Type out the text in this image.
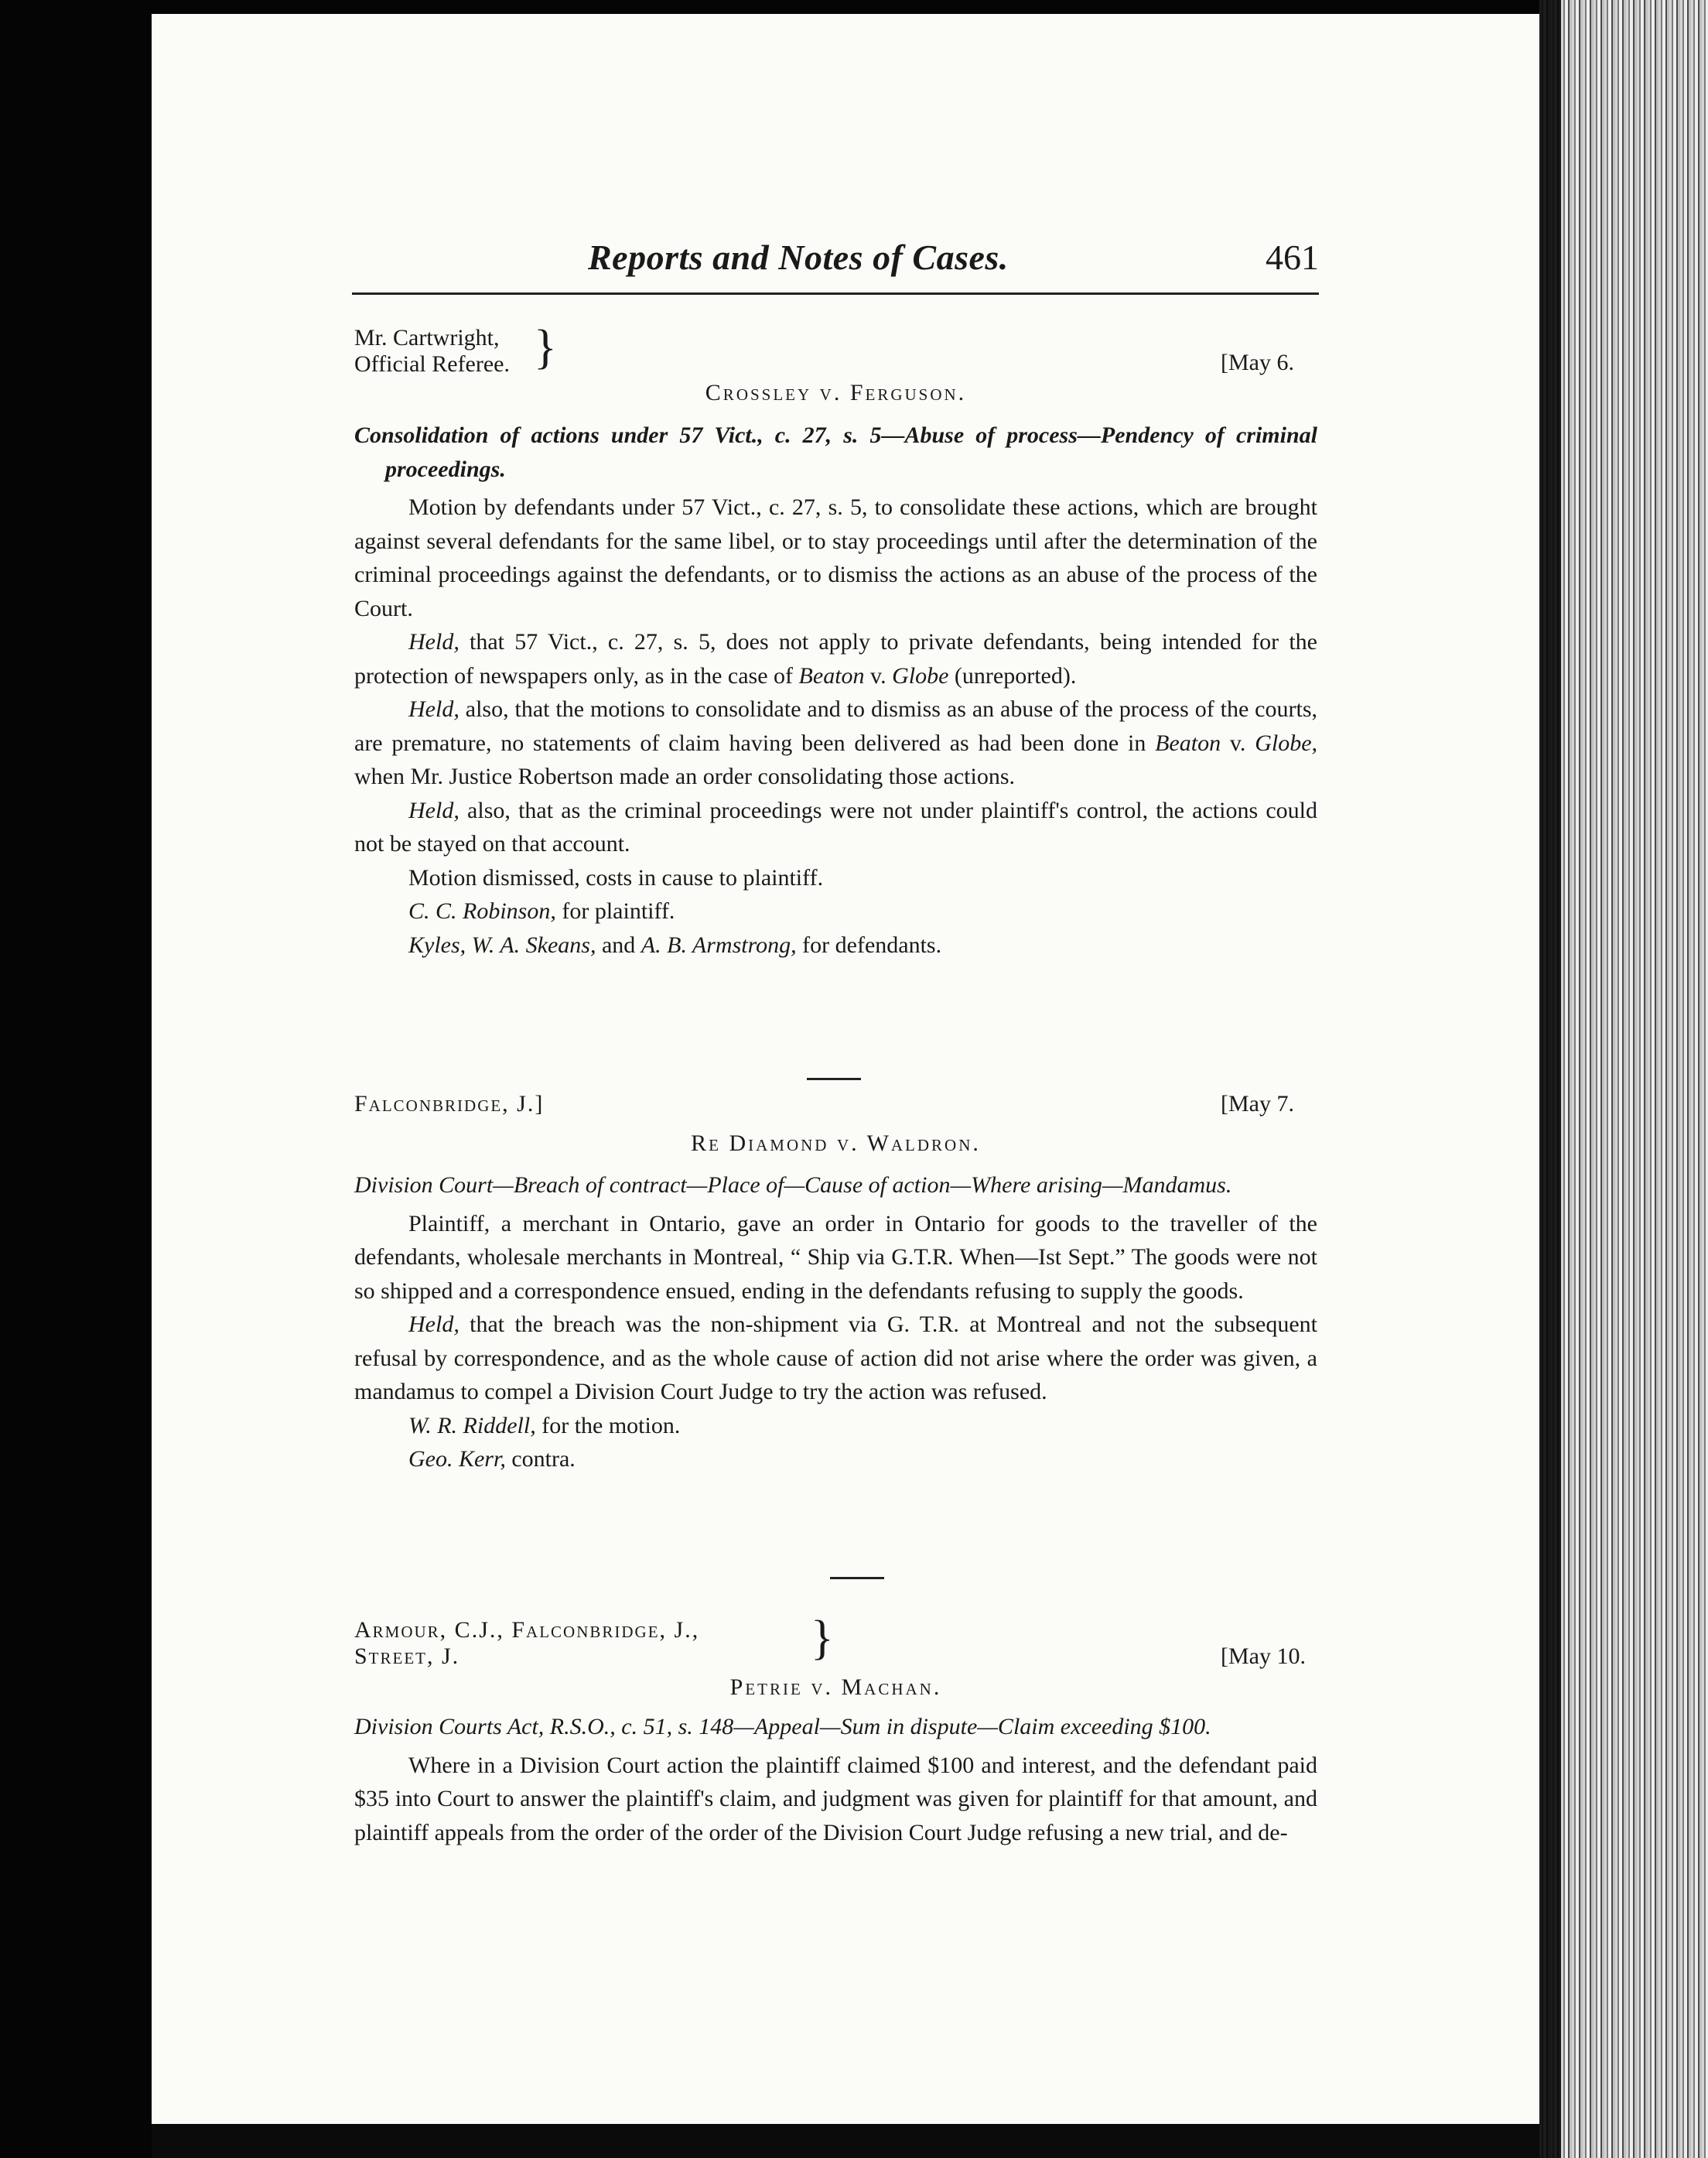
Reports and Notes of Cases.	461
Mr. Cartwright,
Official Referee. }	[May 6.
Crossley v. Ferguson.

Consolidation of actions under 57 Vict., c. 27, s. 5—Abuse of process—Pendency of criminal proceedings.

Motion by defendants under 57 Vict., c. 27, s. 5, to consolidate these actions, which are brought against several defendants for the same libel, or to stay proceedings until after the determination of the criminal proceedings against the defendants, or to dismiss the actions as an abuse of the process of the Court.

Held, that 57 Vict., c. 27, s. 5, does not apply to private defendants, being intended for the protection of newspapers only, as in the case of Beaton v. Globe (unreported).

Held, also, that the motions to consolidate and to dismiss as an abuse of the process of the courts, are premature, no statements of claim having been delivered as had been done in Beaton v. Globe, when Mr. Justice Robertson made an order consolidating those actions.

Held, also, that as the criminal proceedings were not under plaintiff's control, the actions could not be stayed on that account.

Motion dismissed, costs in cause to plaintiff.

C. C. Robinson, for plaintiff.

Kyles, W. A. Skeans, and A. B. Armstrong, for defendants.

Falconbridge, J.]	[May 7.
Re Diamond v. Waldron.

Division Court—Breach of contract—Place of—Cause of action—Where arising—Mandamus.

Plaintiff, a merchant in Ontario, gave an order in Ontario for goods to the traveller of the defendants, wholesale merchants in Montreal, “ Ship via G.T.R. When—Ist Sept.” The goods were not so shipped and a correspondence ensued, ending in the defendants refusing to supply the goods.

Held, that the breach was the non-shipment via G. T.R. at Montreal and not the subsequent refusal by correspondence, and as the whole cause of action did not arise where the order was given, a mandamus to compel a Division Court Judge to try the action was refused.

W. R. Riddell, for the motion.

Geo. Kerr, contra.

Armour, C.J., Falconbridge, J.,
Street, J.	}	[May 10.
Petrie v. Machan.

Division Courts Act, R.S.O., c. 51, s. 148—Appeal—Sum in dispute—Claim exceeding $100.

Where in a Division Court action the plaintiff claimed $100 and interest, and the defendant paid $35 into Court to answer the plaintiff's claim, and judgment was given for plaintiff for that amount, and plaintiff appeals from the order of the order of the Division Court Judge refusing a new trial, and de-
